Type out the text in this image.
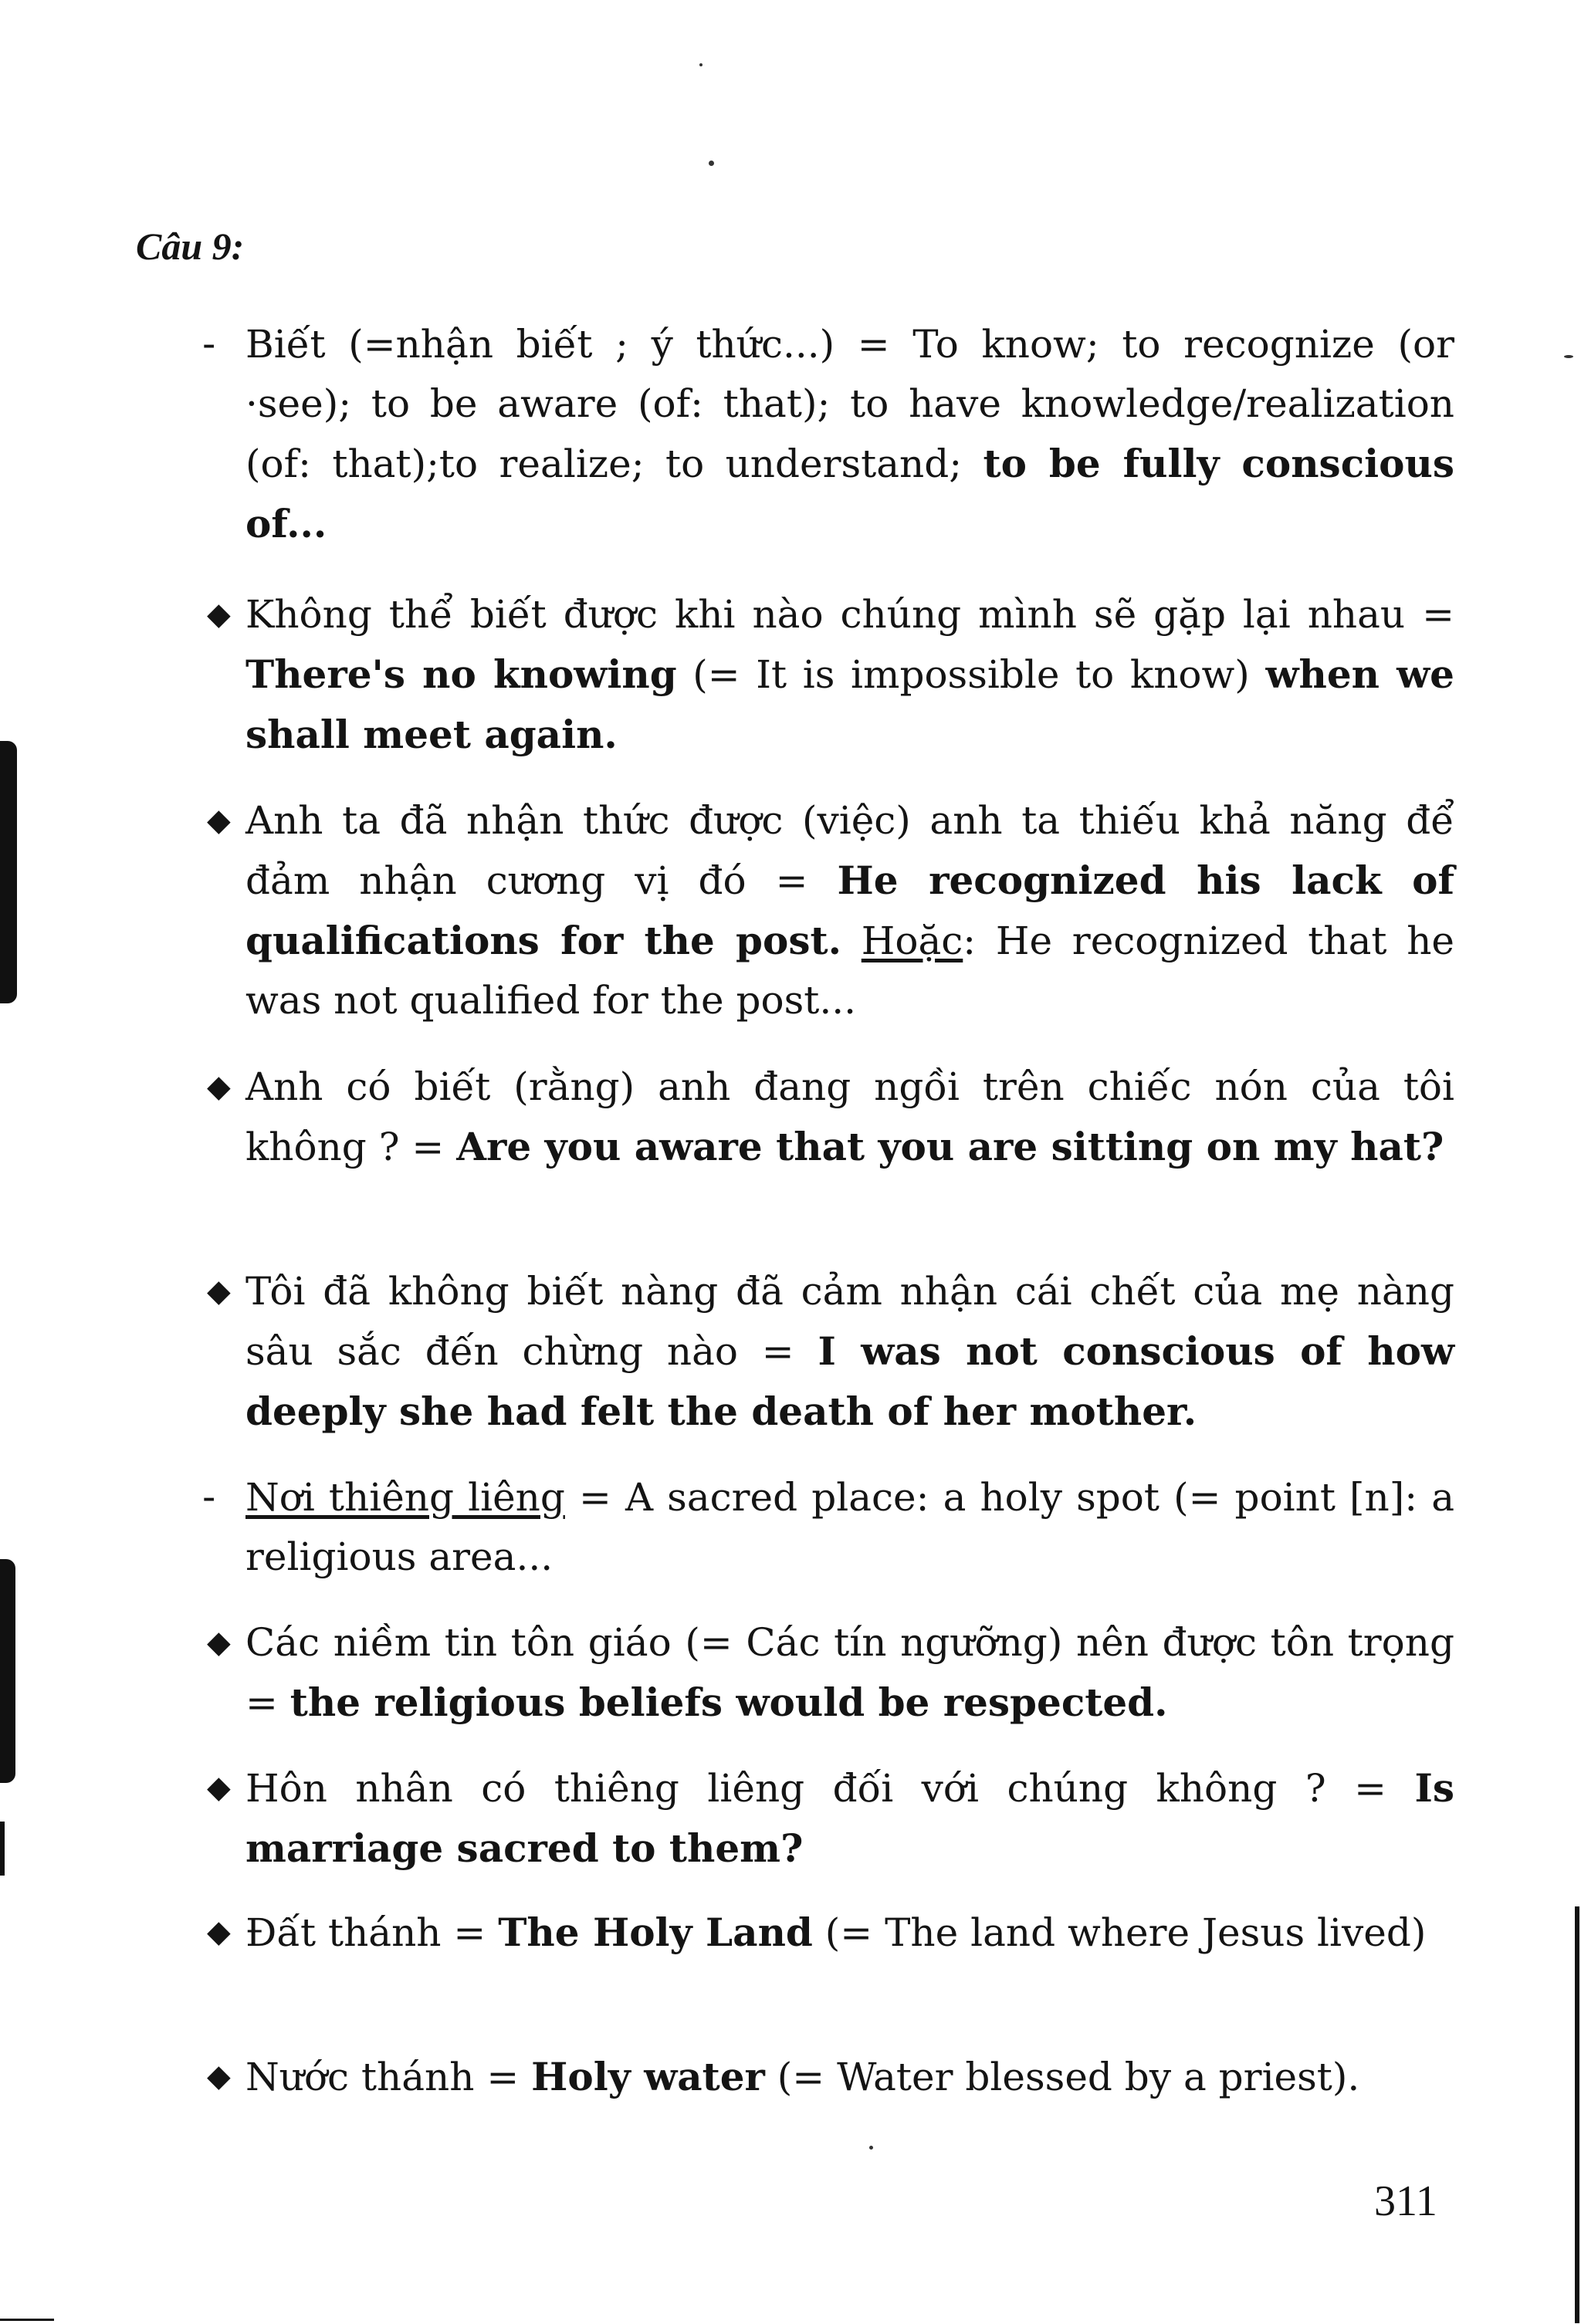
Câu 9:
- Biết (=nhận biết ; ý thức...) = To know; to recognize (or ·see); to be aware (of: that); to have knowledge/realization (of: that);to realize; to understand; to be fully conscious of...
◆ Không thể biết được khi nào chúng mình sẽ gặp lại nhau = There's no knowing (= It is impossible to know) when we shall meet again.
◆ Anh ta đã nhận thức được (việc) anh ta thiếu khả năng để đảm nhận cương vị đó = He recognized his lack of qualifications for the post. Hoặc: He recognized that he was not qualified for the post...
◆ Anh có biết (rằng) anh đang ngồi trên chiếc nón của tôi không ? = Are you aware that you are sitting on my hat?
◆ Tôi đã không biết nàng đã cảm nhận cái chết của mẹ nàng sâu sắc đến chừng nào = I was not conscious of how deeply she had felt the death of her mother.
- Nơi thiêng liêng = A sacred place: a holy spot (= point [n]: a religious area...
◆ Các niềm tin tôn giáo (= Các tín ngưỡng) nên được tôn trọng = the religious beliefs would be respected.
◆ Hôn nhân có thiêng liêng đối với chúng không ? = Is marriage sacred to them?
◆ Đất thánh = The Holy Land (= The land where Jesus lived)
◆ Nước thánh = Holy water (= Water blessed by a priest).
311
